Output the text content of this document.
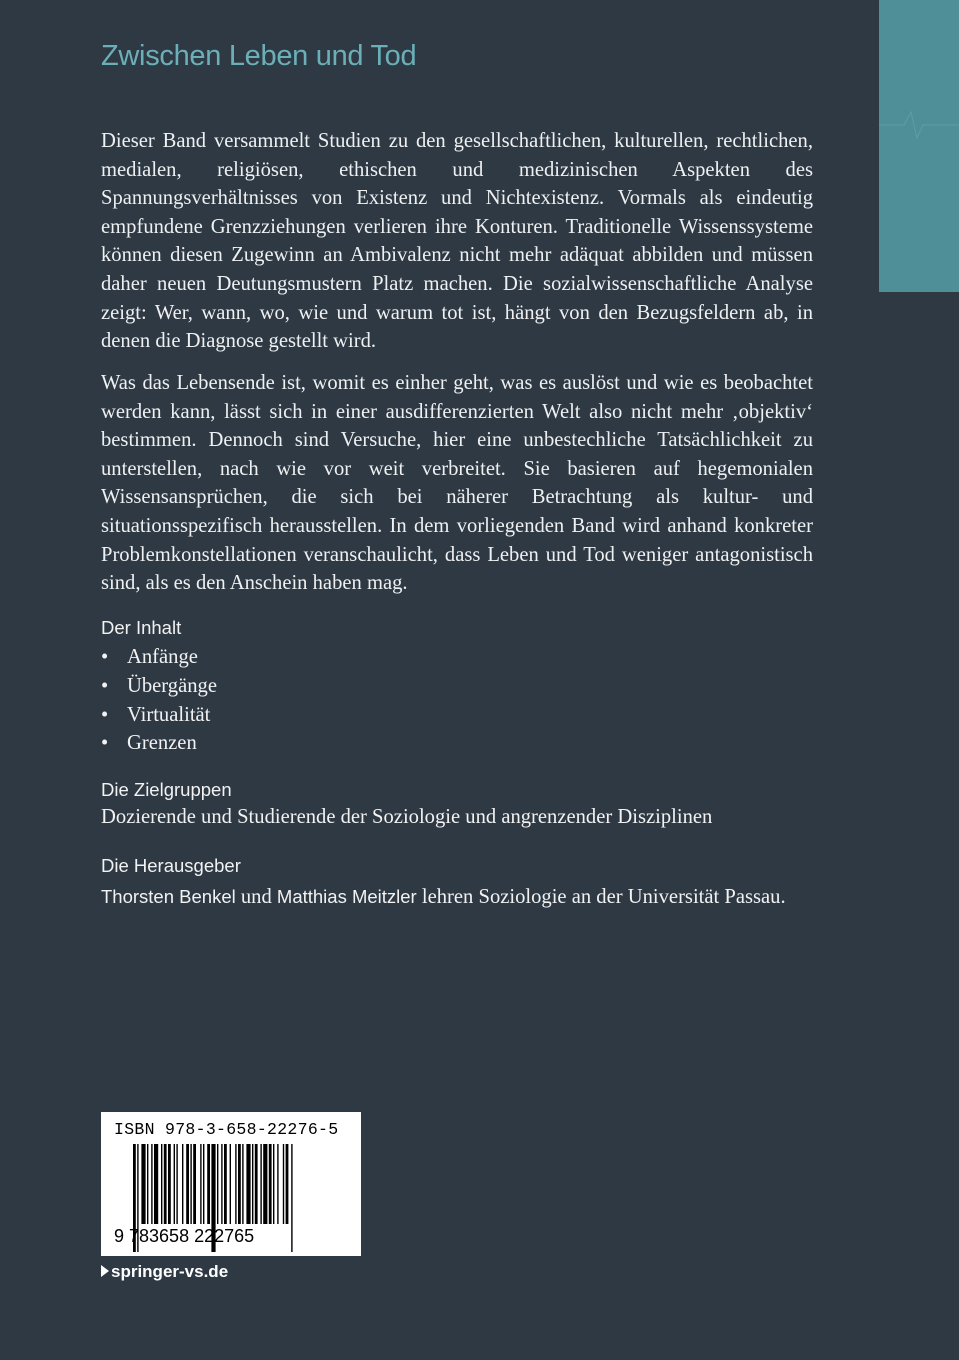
Zwischen Leben und Tod

Dieser Band versammelt Studien zu den gesellschaftlichen, kulturellen, rechtlichen, medialen, religiösen, ethischen und medizinischen Aspekten des Spannungsverhältnisses von Existenz und Nichtexistenz. Vormals als eindeutig empfundene Grenzziehungen verlieren ihre Konturen. Traditionelle Wissenssysteme können diesen Zugewinn an Ambivalenz nicht mehr adäquat abbilden und müssen daher neuen Deutungsmustern Platz machen. Die sozialwissenschaftliche Analyse zeigt: Wer, wann, wo, wie und warum tot ist, hängt von den Bezugsfeldern ab, in denen die Diagnose gestellt wird.

Was das Lebensende ist, womit es einher geht, was es auslöst und wie es beobachtet werden kann, lässt sich in einer ausdifferenzierten Welt also nicht mehr ‚objektiv‘ bestimmen. Dennoch sind Versuche, hier eine unbestechliche Tatsächlichkeit zu unterstellen, nach wie vor weit verbreitet. Sie basieren auf hegemonialen Wissensansprüchen, die sich bei näherer Betrachtung als kultur- und situationsspezifisch herausstellen. In dem vorliegenden Band wird anhand konkreter Problemkonstellationen veranschaulicht, dass Leben und Tod weniger antagonistisch sind, als es den Anschein haben mag.

Der Inhalt
• Anfänge
• Übergänge
• Virtualität
• Grenzen
Die Zielgruppen
Dozierende und Studierende der Soziologie und angrenzender Disziplinen
Die Herausgeber
Thorsten Benkel und Matthias Meitzler lehren Soziologie an der Universität Passau.
ISBN 978-3-658-22276-5
9 783658 222765
springer-vs.de
